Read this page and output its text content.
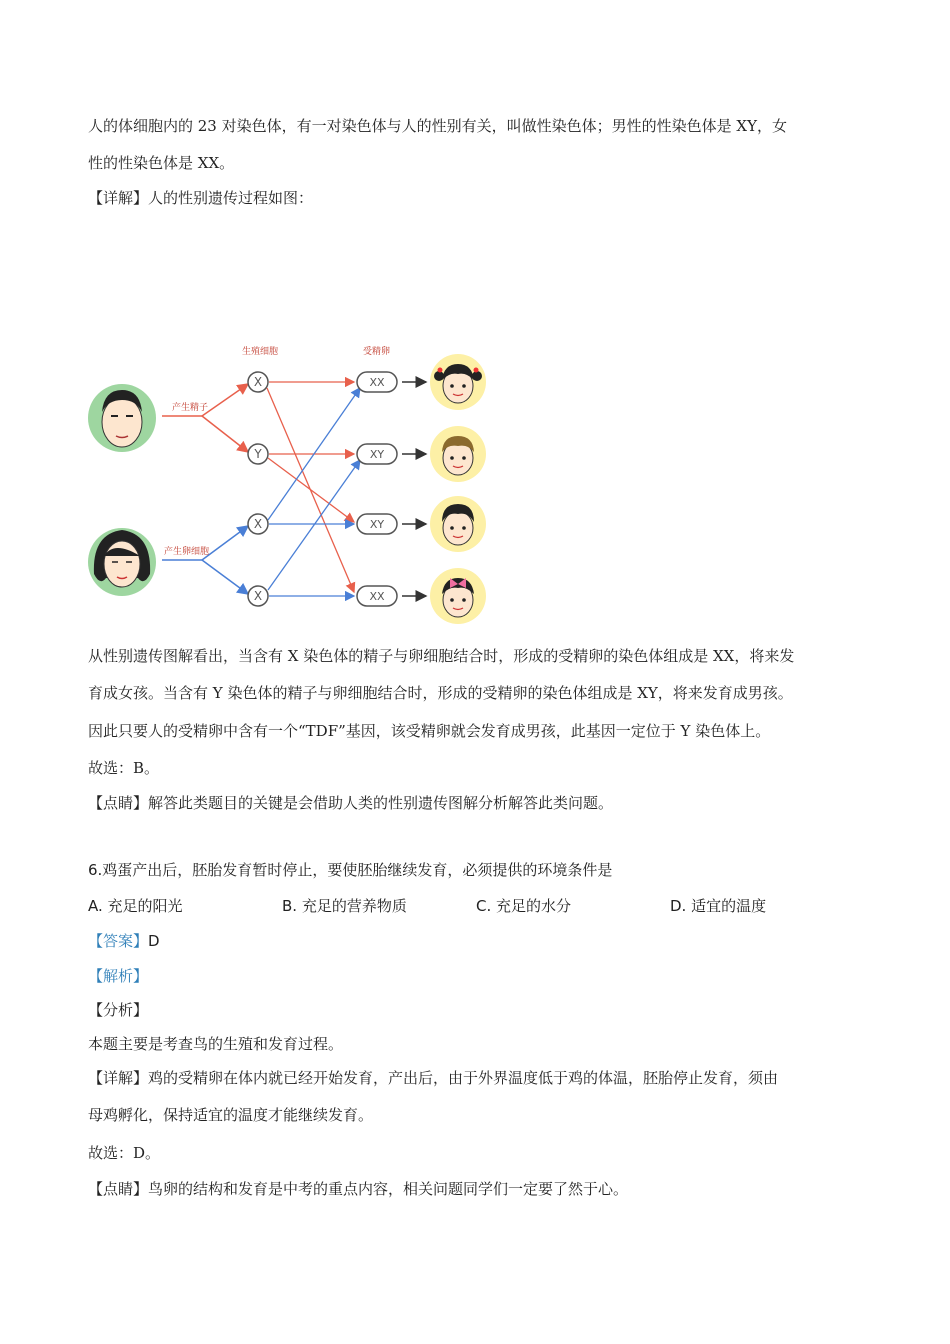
人的体细胞内的 23 对染色体，有一对染色体与人的性别有关，叫做性染色体；男性的性染色体是 XY，女
性的性染色体是 XX。
【详解】人的性别遗传过程如图：
生殖细胞	受精卵
产生精子
产生卵细胞
X
Y
X
X
XX
XY
XY
XX
从性别遗传图解看出，当含有 X 染色体的精子与卵细胞结合时，形成的受精卵的染色体组成是 XX，将来发
育成女孩。当含有 Y 染色体的精子与卵细胞结合时，形成的受精卵的染色体组成是 XY，将来发育成男孩。
因此只要人的受精卵中含有一个“TDF”基因，该受精卵就会发育成男孩，此基因一定位于 Y 染色体上。
故选：B。
【点睛】解答此类题目的关键是会借助人类的性别遗传图解分析解答此类问题。
6.鸡蛋产出后，胚胎发育暂时停止，要使胚胎继续发育，必须提供的环境条件是
A. 充足的阳光	B. 充足的营养物质	C. 充足的水分	D. 适宜的温度
【答案】D
【解析】
【分析】
本题主要是考查鸟的生殖和发育过程。
【详解】鸡的受精卵在体内就已经开始发育，产出后，由于外界温度低于鸡的体温，胚胎停止发育，须由
母鸡孵化，保持适宜的温度才能继续发育。
故选：D。
【点睛】鸟卵的结构和发育是中考的重点内容，相关问题同学们一定要了然于心。
